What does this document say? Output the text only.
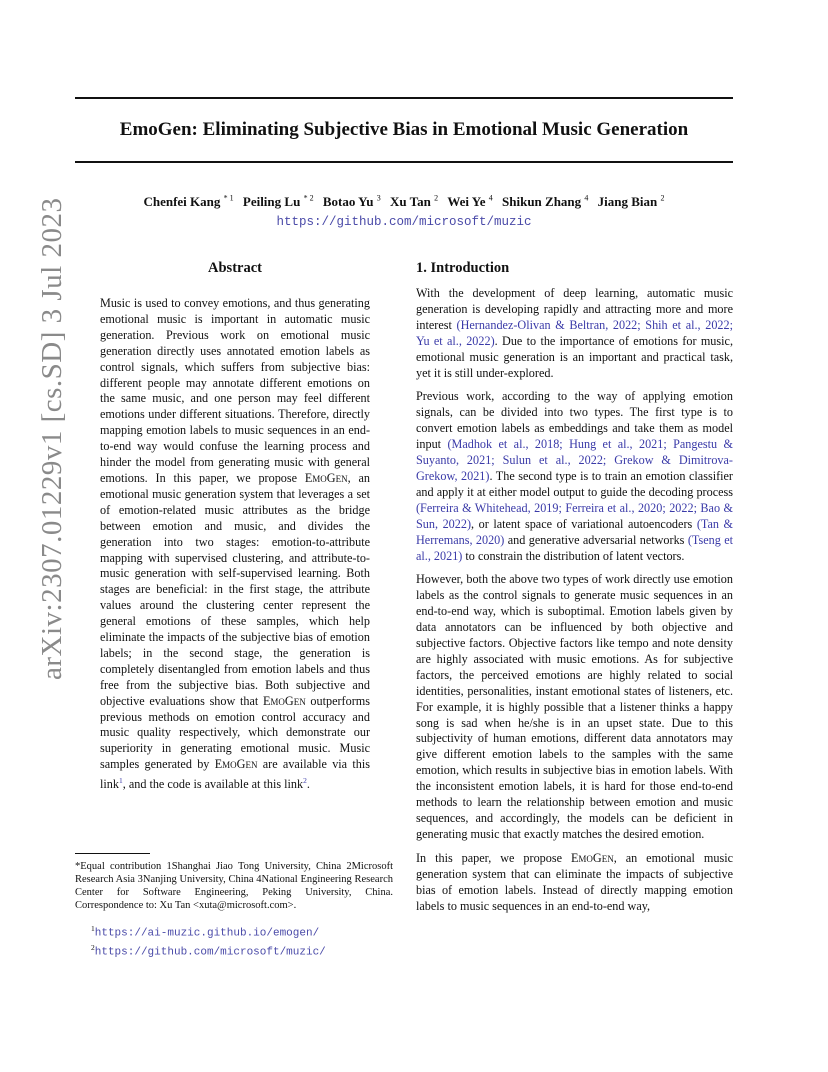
EmoGen: Eliminating Subjective Bias in Emotional Music Generation
Chenfei Kang $^{* 1}$ Peiling Lu $^{* 2}$ Botao Yu $^3$ Xu Tan $^2$ Wei Ye $^4$ Shikun Zhang $^4$ Jiang Bian $^2$
https://github.com/microsoft/muzic
arXiv:2307.01229v1 [cs.SD] 3 Jul 2023	Abstract

Music is used to convey emotions, and thus generating emotional music is important in automatic music generation. Previous work on emotional music generation directly uses annotated emotion labels as control signals, which suffers from subjective bias: different people may annotate different emotions on the same music, and one person may feel different emotions under different situations. Therefore, directly mapping emotion labels to music sequences in an end-to-end way would confuse the learning process and hinder the model from generating music with general emotions. In this paper, we propose EmoGen, an emotional music generation system that leverages a set of emotion-related music attributes as the bridge between emotion and music, and divides the generation into two stages: emotion-to-attribute mapping with supervised clustering, and attribute-to-music generation with self-supervised learning. Both stages are beneficial: in the first stage, the attribute values around the clustering center represent the general emotions of these samples, which help eliminate the impacts of the subjective bias of emotion labels; in the second stage, the generation is completely disentangled from emotion labels and thus free from the subjective bias. Both subjective and objective evaluations show that EmoGen outperforms previous methods on emotion control accuracy and music quality respectively, which demonstrate our superiority in generating emotional music. Music samples generated by EmoGen are available via this link$^1$, and the code is available at this link$^2$.

*Equal contribution 1Shanghai Jiao Tong University, China 2Microsoft Research Asia 3Nanjing University, China 4National Engineering Research Center for Software Engineering, Peking University, China. Correspondence to: Xu Tan <xuta@microsoft.com>.
$^1$https://ai-muzic.github.io/emogen/
$^2$https://github.com/microsoft/muzic/
1. Introduction

With the development of deep learning, automatic music generation is developing rapidly and attracting more and more interest (Hernandez-Olivan & Beltran, 2022; Shih et al., 2022; Yu et al., 2022). Due to the importance of emotions for music, emotional music generation is an important and practical task, yet it is still under-explored.

Previous work, according to the way of applying emotion signals, can be divided into two types. The first type is to convert emotion labels as embeddings and take them as model input (Madhok et al., 2018; Hung et al., 2021; Pangestu & Suyanto, 2021; Sulun et al., 2022; Grekow & Dimitrova-Grekow, 2021). The second type is to train an emotion classifier and apply it at either model output to guide the decoding process (Ferreira & Whitehead, 2019; Ferreira et al., 2020; 2022; Bao & Sun, 2022), or latent space of variational autoencoders (Tan & Herremans, 2020) and generative adversarial networks (Tseng et al., 2021) to constrain the distribution of latent vectors.

However, both the above two types of work directly use emotion labels as the control signals to generate music sequences in an end-to-end way, which is suboptimal. Emotion labels given by data annotators can be influenced by both objective and subjective factors. Objective factors like tempo and note density are highly associated with music emotions. As for subjective factors, the perceived emotions are highly related to social identities, personalities, instant emotional states of listeners, etc. For example, it is highly possible that a listener thinks a happy song is sad when he/she is in an upset state. Due to this subjectivity of human emotions, different data annotators may give different emotion labels to the samples with the same emotion, which results in subjective bias in emotion labels. With the inconsistent emotion labels, it is hard for those end-to-end methods to learn the relationship between emotion and music sequences, and accordingly, the models can be deficient in generating music that exactly matches the desired emotion.

In this paper, we propose EmoGen, an emotional music generation system that can eliminate the impacts of subjective bias of emotion labels. Instead of directly mapping emotion labels to music sequences in an end-to-end way,
